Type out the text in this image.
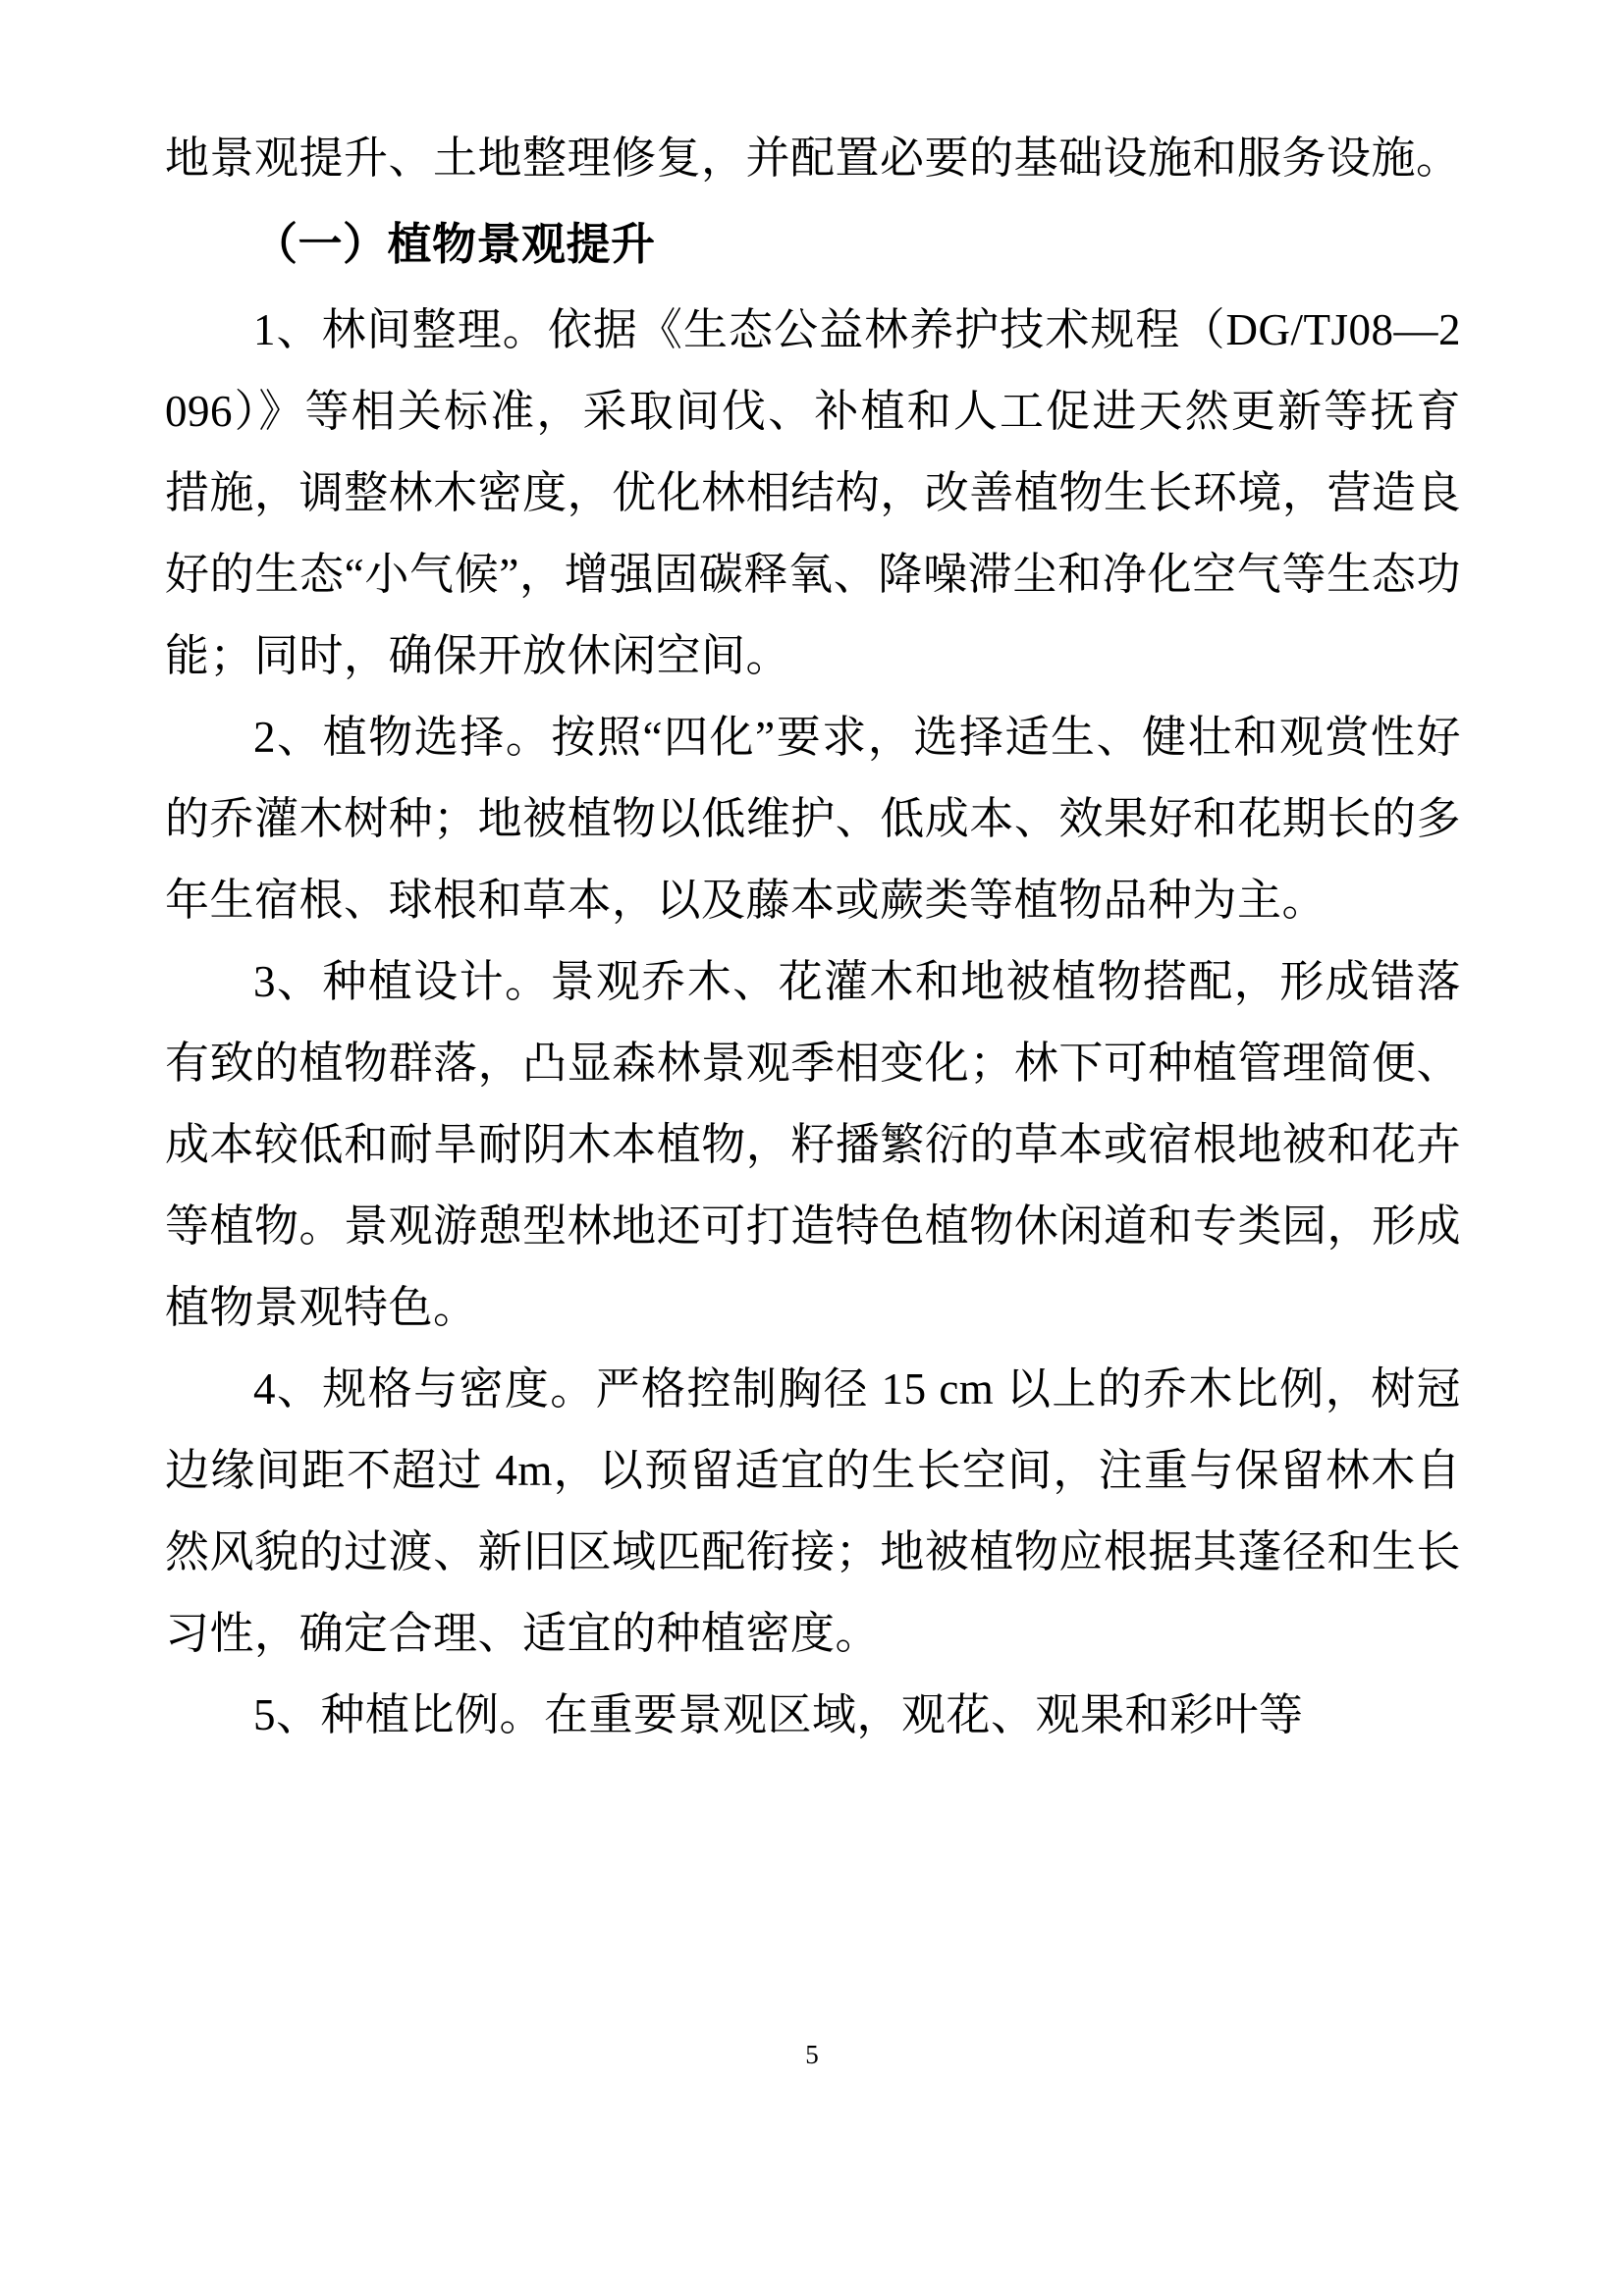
地景观提升、土地整理修复，并配置必要的基础设施和服务设施。

（一）植物景观提升

1、林间整理。依据《生态公益林养护技术规程（DG/TJ08—2096）》等相关标准，采取间伐、补植和人工促进天然更新等抚育措施，调整林木密度，优化林相结构，改善植物生长环境，营造良好的生态“小气候”，增强固碳释氧、降噪滞尘和净化空气等生态功能；同时，确保开放休闲空间。

2、植物选择。按照“四化”要求，选择适生、健壮和观赏性好的乔灌木树种；地被植物以低维护、低成本、效果好和花期长的多年生宿根、球根和草本，以及藤本或蕨类等植物品种为主。

3、种植设计。景观乔木、花灌木和地被植物搭配，形成错落有致的植物群落，凸显森林景观季相变化；林下可种植管理简便、成本较低和耐旱耐阴木本植物，籽播繁衍的草本或宿根地被和花卉等植物。景观游憩型林地还可打造特色植物休闲道和专类园，形成植物景观特色。

4、规格与密度。严格控制胸径 15 cm 以上的乔木比例，树冠边缘间距不超过 4m，以预留适宜的生长空间，注重与保留林木自然风貌的过渡、新旧区域匹配衔接；地被植物应根据其蓬径和生长习性，确定合理、适宜的种植密度。

5、种植比例。在重要景观区域，观花、观果和彩叶等

5
